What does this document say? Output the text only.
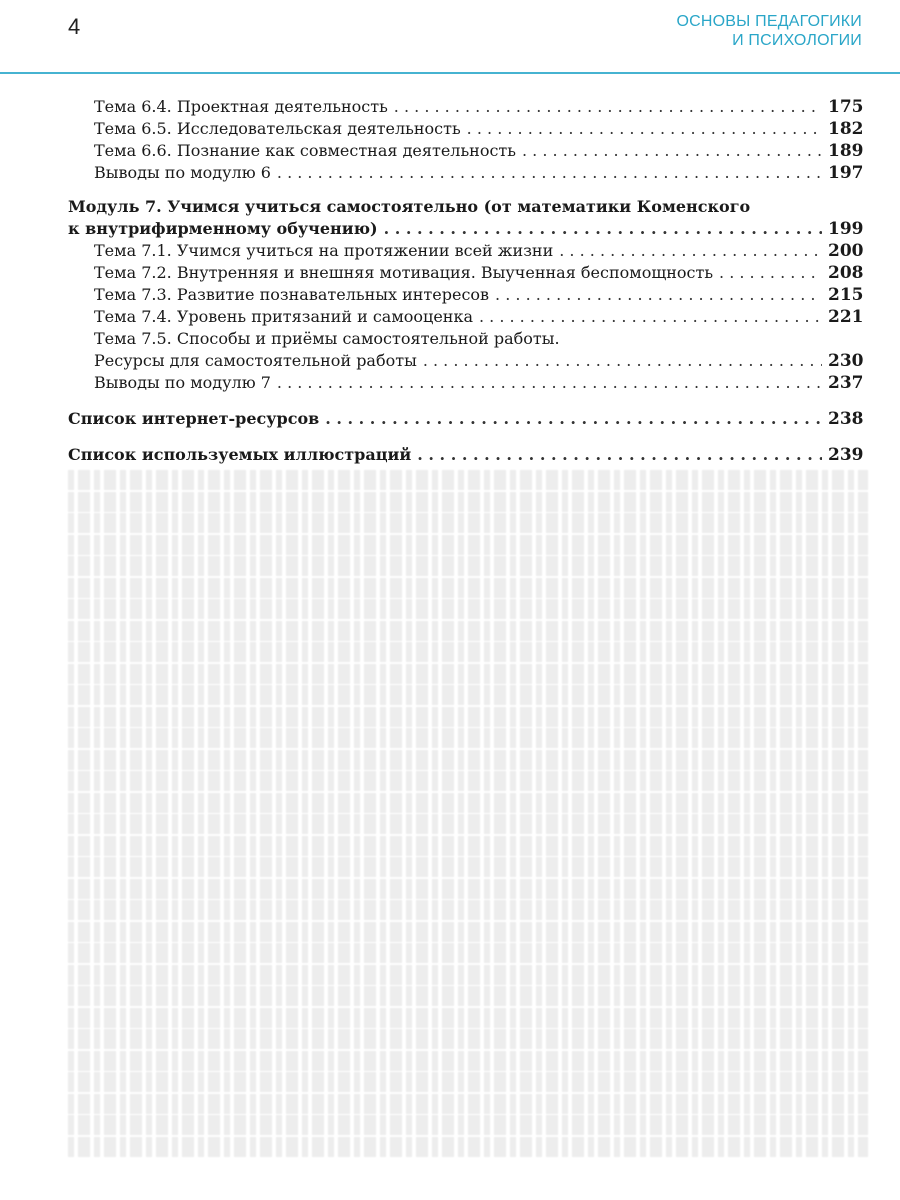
4	ОСНОВЫ ПЕДАГОГИКИ
И ПСИХОЛОГИИ
Тема 6.4. Проектная деятельность . . .	175
Тема 6.5. Исследовательская деятельность . . .	182
Тема 6.6. Познание как совместная деятельность . . .	189
Выводы по модулю 6 . . .	197
Модуль 7. Учимся учиться самостоятельно (от математики Коменского
к внутрифирменному обучению) . . .	199
Тема 7.1. Учимся учиться на протяжении всей жизни . . .	200
Тема 7.2. Внутренняя и внешняя мотивация. Выученная беспомощность . . .	208
Тема 7.3. Развитие познавательных интересов . . .	215
Тема 7.4. Уровень притязаний и самооценка . . .	221
Тема 7.5. Способы и приёмы самостоятельной работы.
Ресурсы для самостоятельной работы . . .	230
Выводы по модулю 7 . . .	237
Список интернет-ресурсов . . .	238
Список используемых иллюстраций . . .	239
